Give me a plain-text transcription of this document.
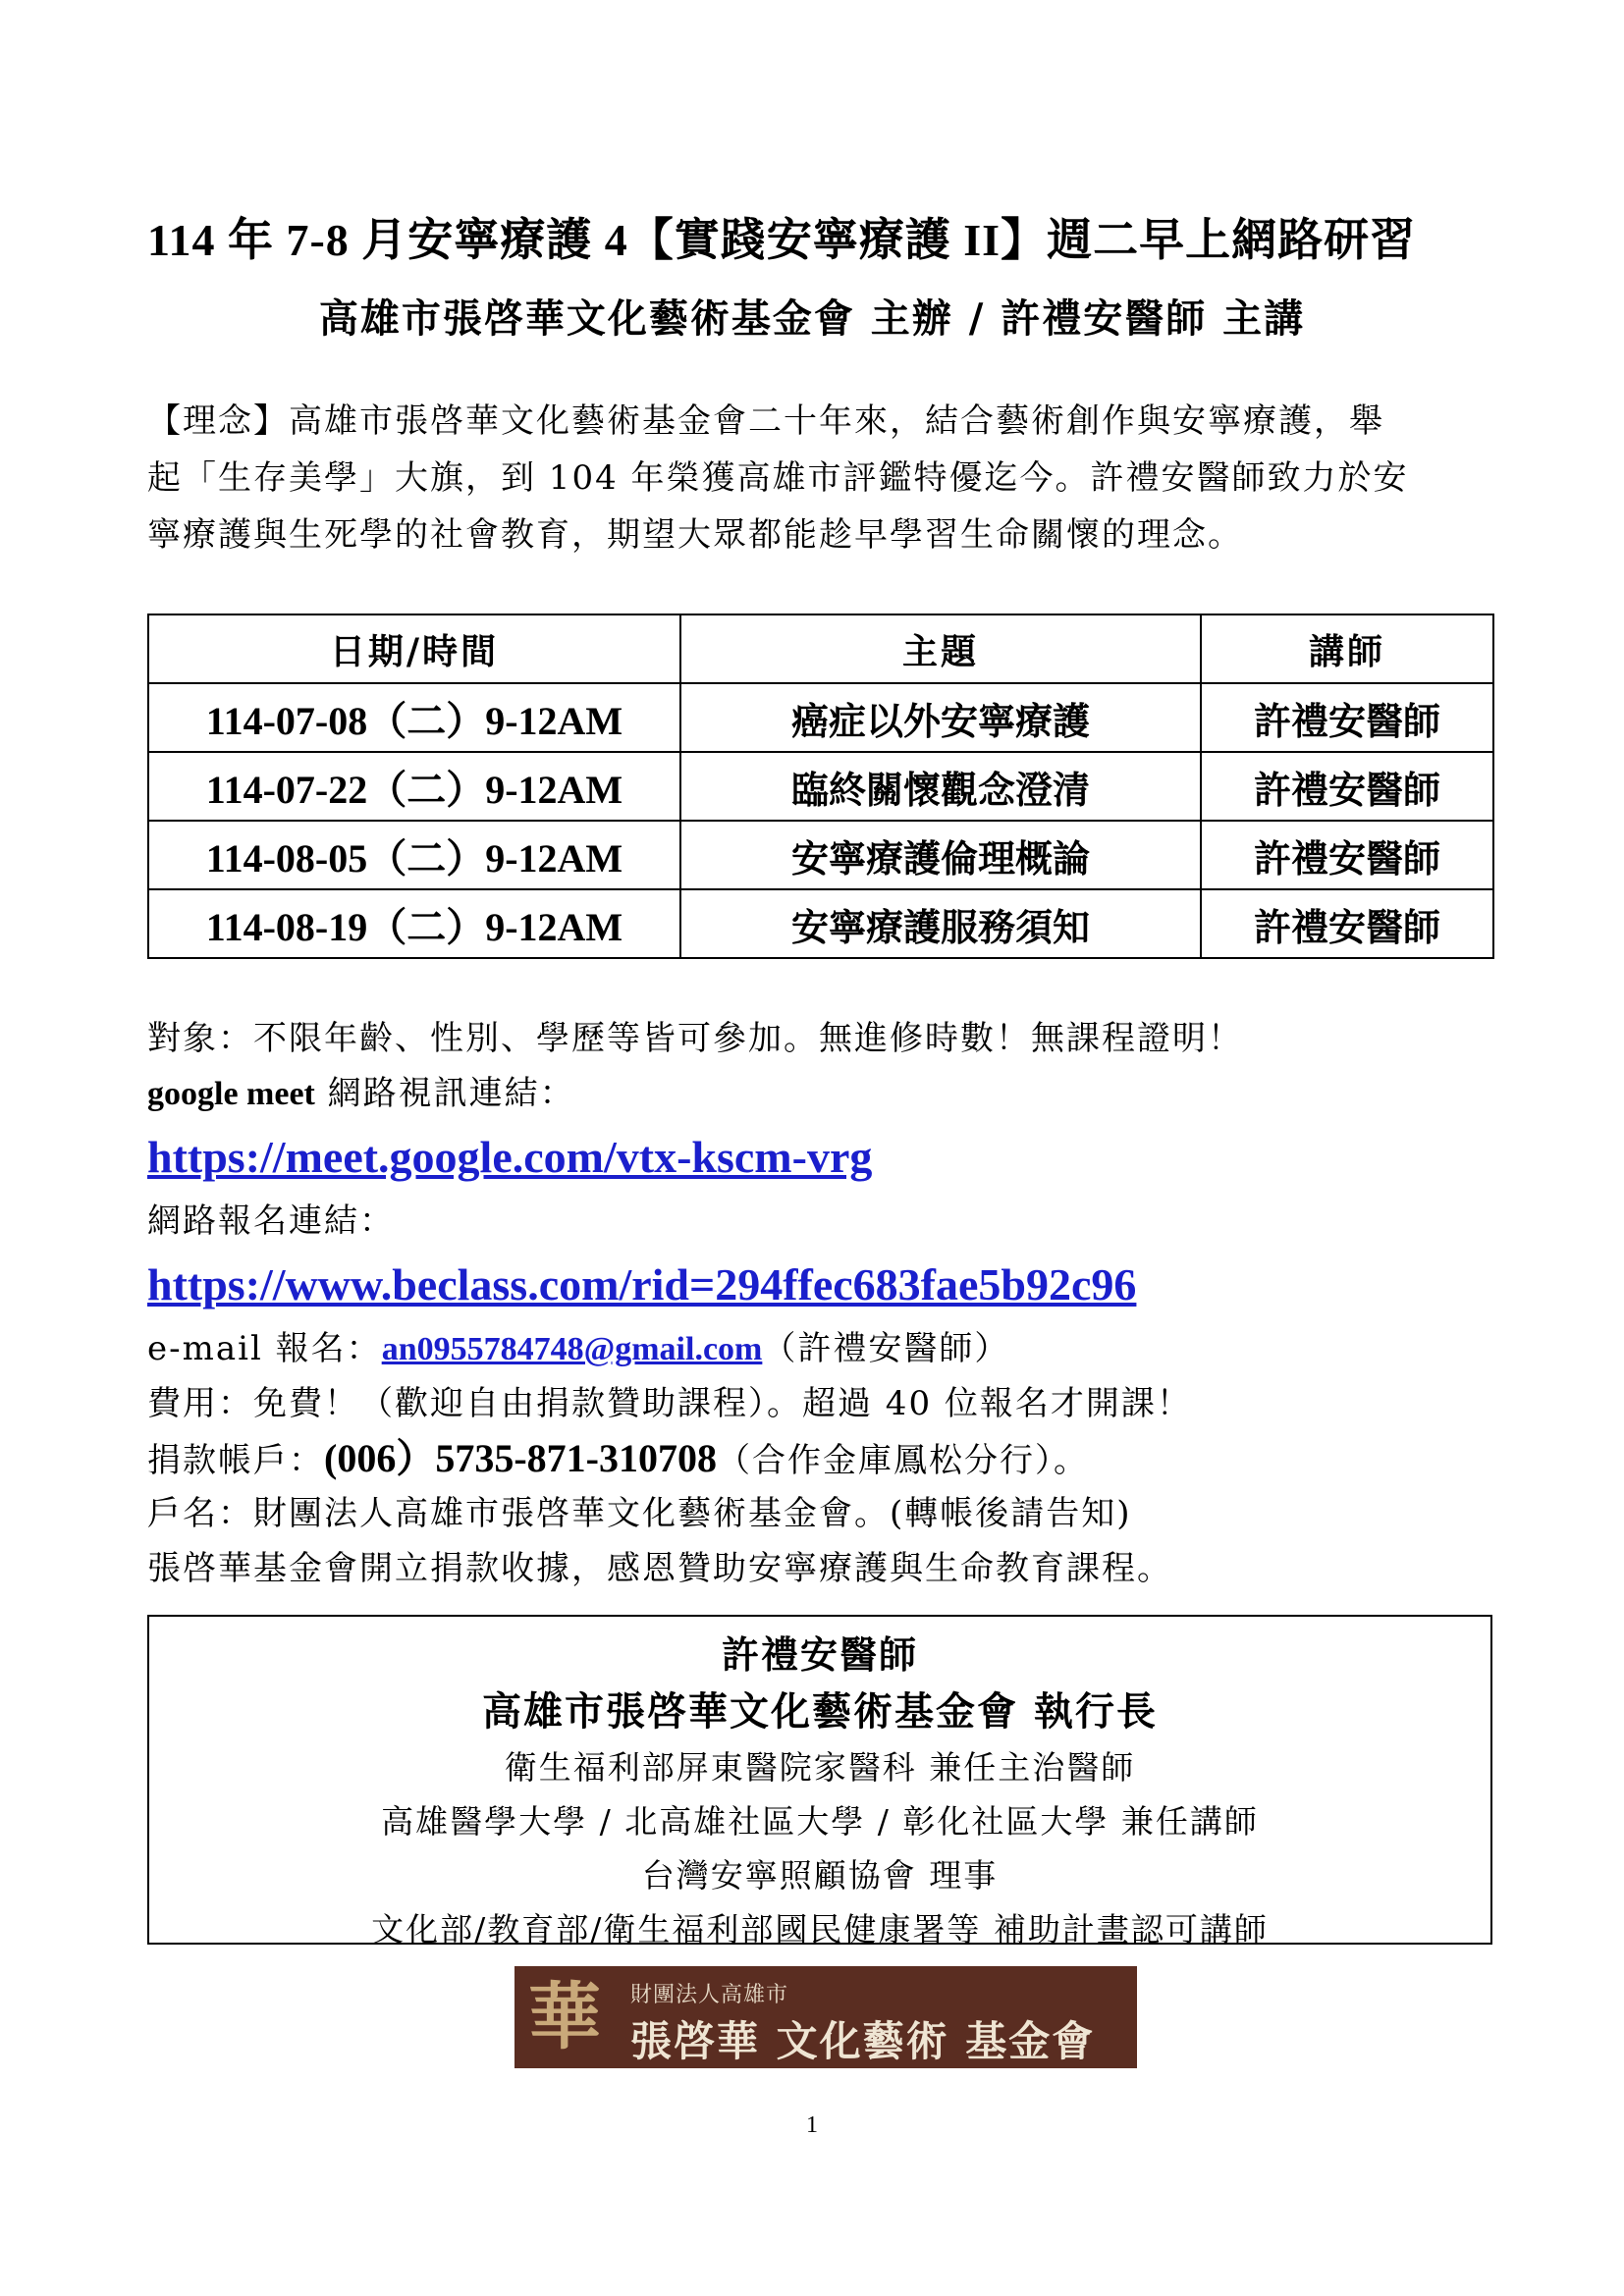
114 年 7-8 月安寧療護 4【實踐安寧療護 II】週二早上網路研習
高雄市張啓華文化藝術基金會 主辦 / 許禮安醫師 主講
【理念】高雄市張啓華文化藝術基金會二十年來，結合藝術創作與安寧療護，舉
起「生存美學」大旗，到 104 年榮獲高雄市評鑑特優迄今。許禮安醫師致力於安
寧療護與生死學的社會教育，期望大眾都能趁早學習生命關懷的理念。
日期/時間	主題	講師
114-07-08（二）9-12AM	癌症以外安寧療護	許禮安醫師
114-07-22（二）9-12AM	臨終關懷觀念澄清	許禮安醫師
114-08-05（二）9-12AM	安寧療護倫理概論	許禮安醫師
114-08-19（二）9-12AM	安寧療護服務須知	許禮安醫師
對象：不限年齡、性別、學歷等皆可參加。無進修時數！無課程證明！
google meet 網路視訊連結：
https://meet.google.com/vtx-kscm-vrg
網路報名連結：
https://www.beclass.com/rid=294ffec683fae5b92c96
e-mail 報名：an0955784748@gmail.com（許禮安醫師）
費用：免費！（歡迎自由捐款贊助課程）。超過 40 位報名才開課！
捐款帳戶：(006）5735-871-310708（合作金庫鳳松分行）。
戶名：財團法人高雄市張啓華文化藝術基金會。(轉帳後請告知)
張啓華基金會開立捐款收據，感恩贊助安寧療護與生命教育課程。
許禮安醫師
高雄市張啓華文化藝術基金會 執行長
衛生福利部屏東醫院家醫科 兼任主治醫師
高雄醫學大學 / 北高雄社區大學 / 彰化社區大學 兼任講師
台灣安寧照顧協會 理事
文化部/教育部/衛生福利部國民健康署等 補助計畫認可講師
華 財團法人高雄市
張啓華 文化藝術 基金會
1
